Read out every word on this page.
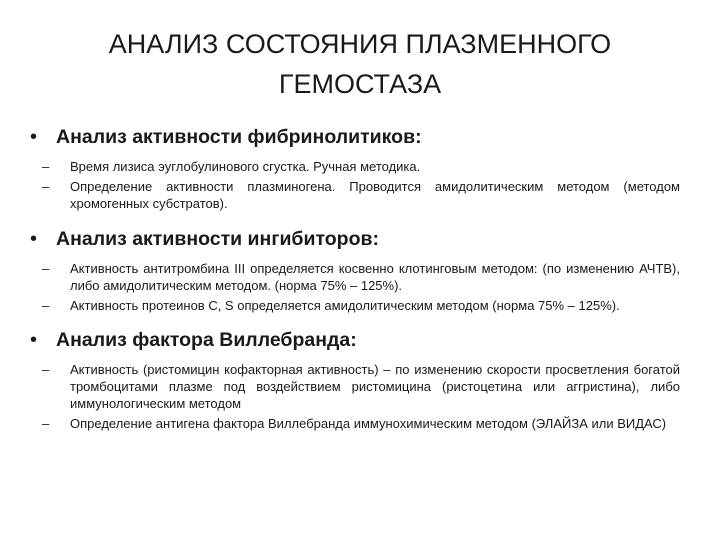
АНАЛИЗ СОСТОЯНИЯ ПЛАЗМЕННОГО
ГЕМОСТАЗА
• Анализ активности фибринолитиков:
–	Время лизиса эуглобулинового сгустка. Ручная методика.
–	Определение активности плазминогена. Проводится амидолитическим методом (методом хромогенных субстратов).
• Анализ активности ингибиторов:
–	Активность антитромбина III определяется косвенно клотинговым методом: (по изменению АЧТВ), либо амидолитическим методом. (норма 75% – 125%).
–	Активность протеинов С, S определяется амидолитическим методом (норма 75% – 125%).
• Анализ фактора Виллебранда:
–	Активность (ристомицин кофакторная активность) – по изменению скорости просветления богатой тромбоцитами плазме под воздействием ристомицина (ристоцетина или аггристина), либо иммунологическим методом
–	Определение антигена фактора Виллебранда иммунохимическим методом (ЭЛАЙЗА или ВИДАС)
